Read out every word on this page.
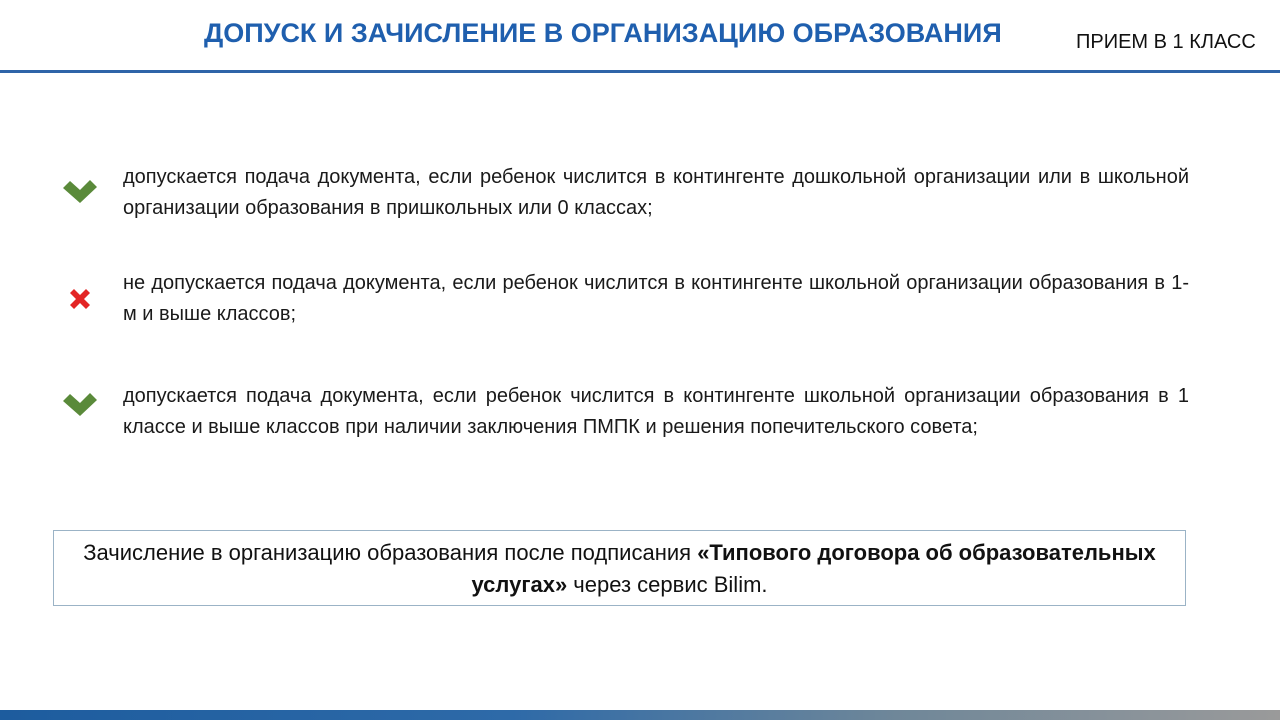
ДОПУСК И ЗАЧИСЛЕНИЕ В ОРГАНИЗАЦИЮ ОБРАЗОВАНИЯ	ПРИЕМ В 1 КЛАСС
допускается подача документа, если ребенок числится в контингенте дошкольной организации или в школьной организации образования в пришкольных или 0 классах;
не допускается подача документа, если ребенок числится в контингенте школьной организации образования в 1-м и выше классов;
допускается подача документа, если ребенок числится в контингенте школьной организации образования в 1 классе и выше классов при наличии заключения ПМПК и решения попечительского совета;
Зачисление в организацию образования после подписания «Типового договора об образовательных услугах» через сервис Bilim.
